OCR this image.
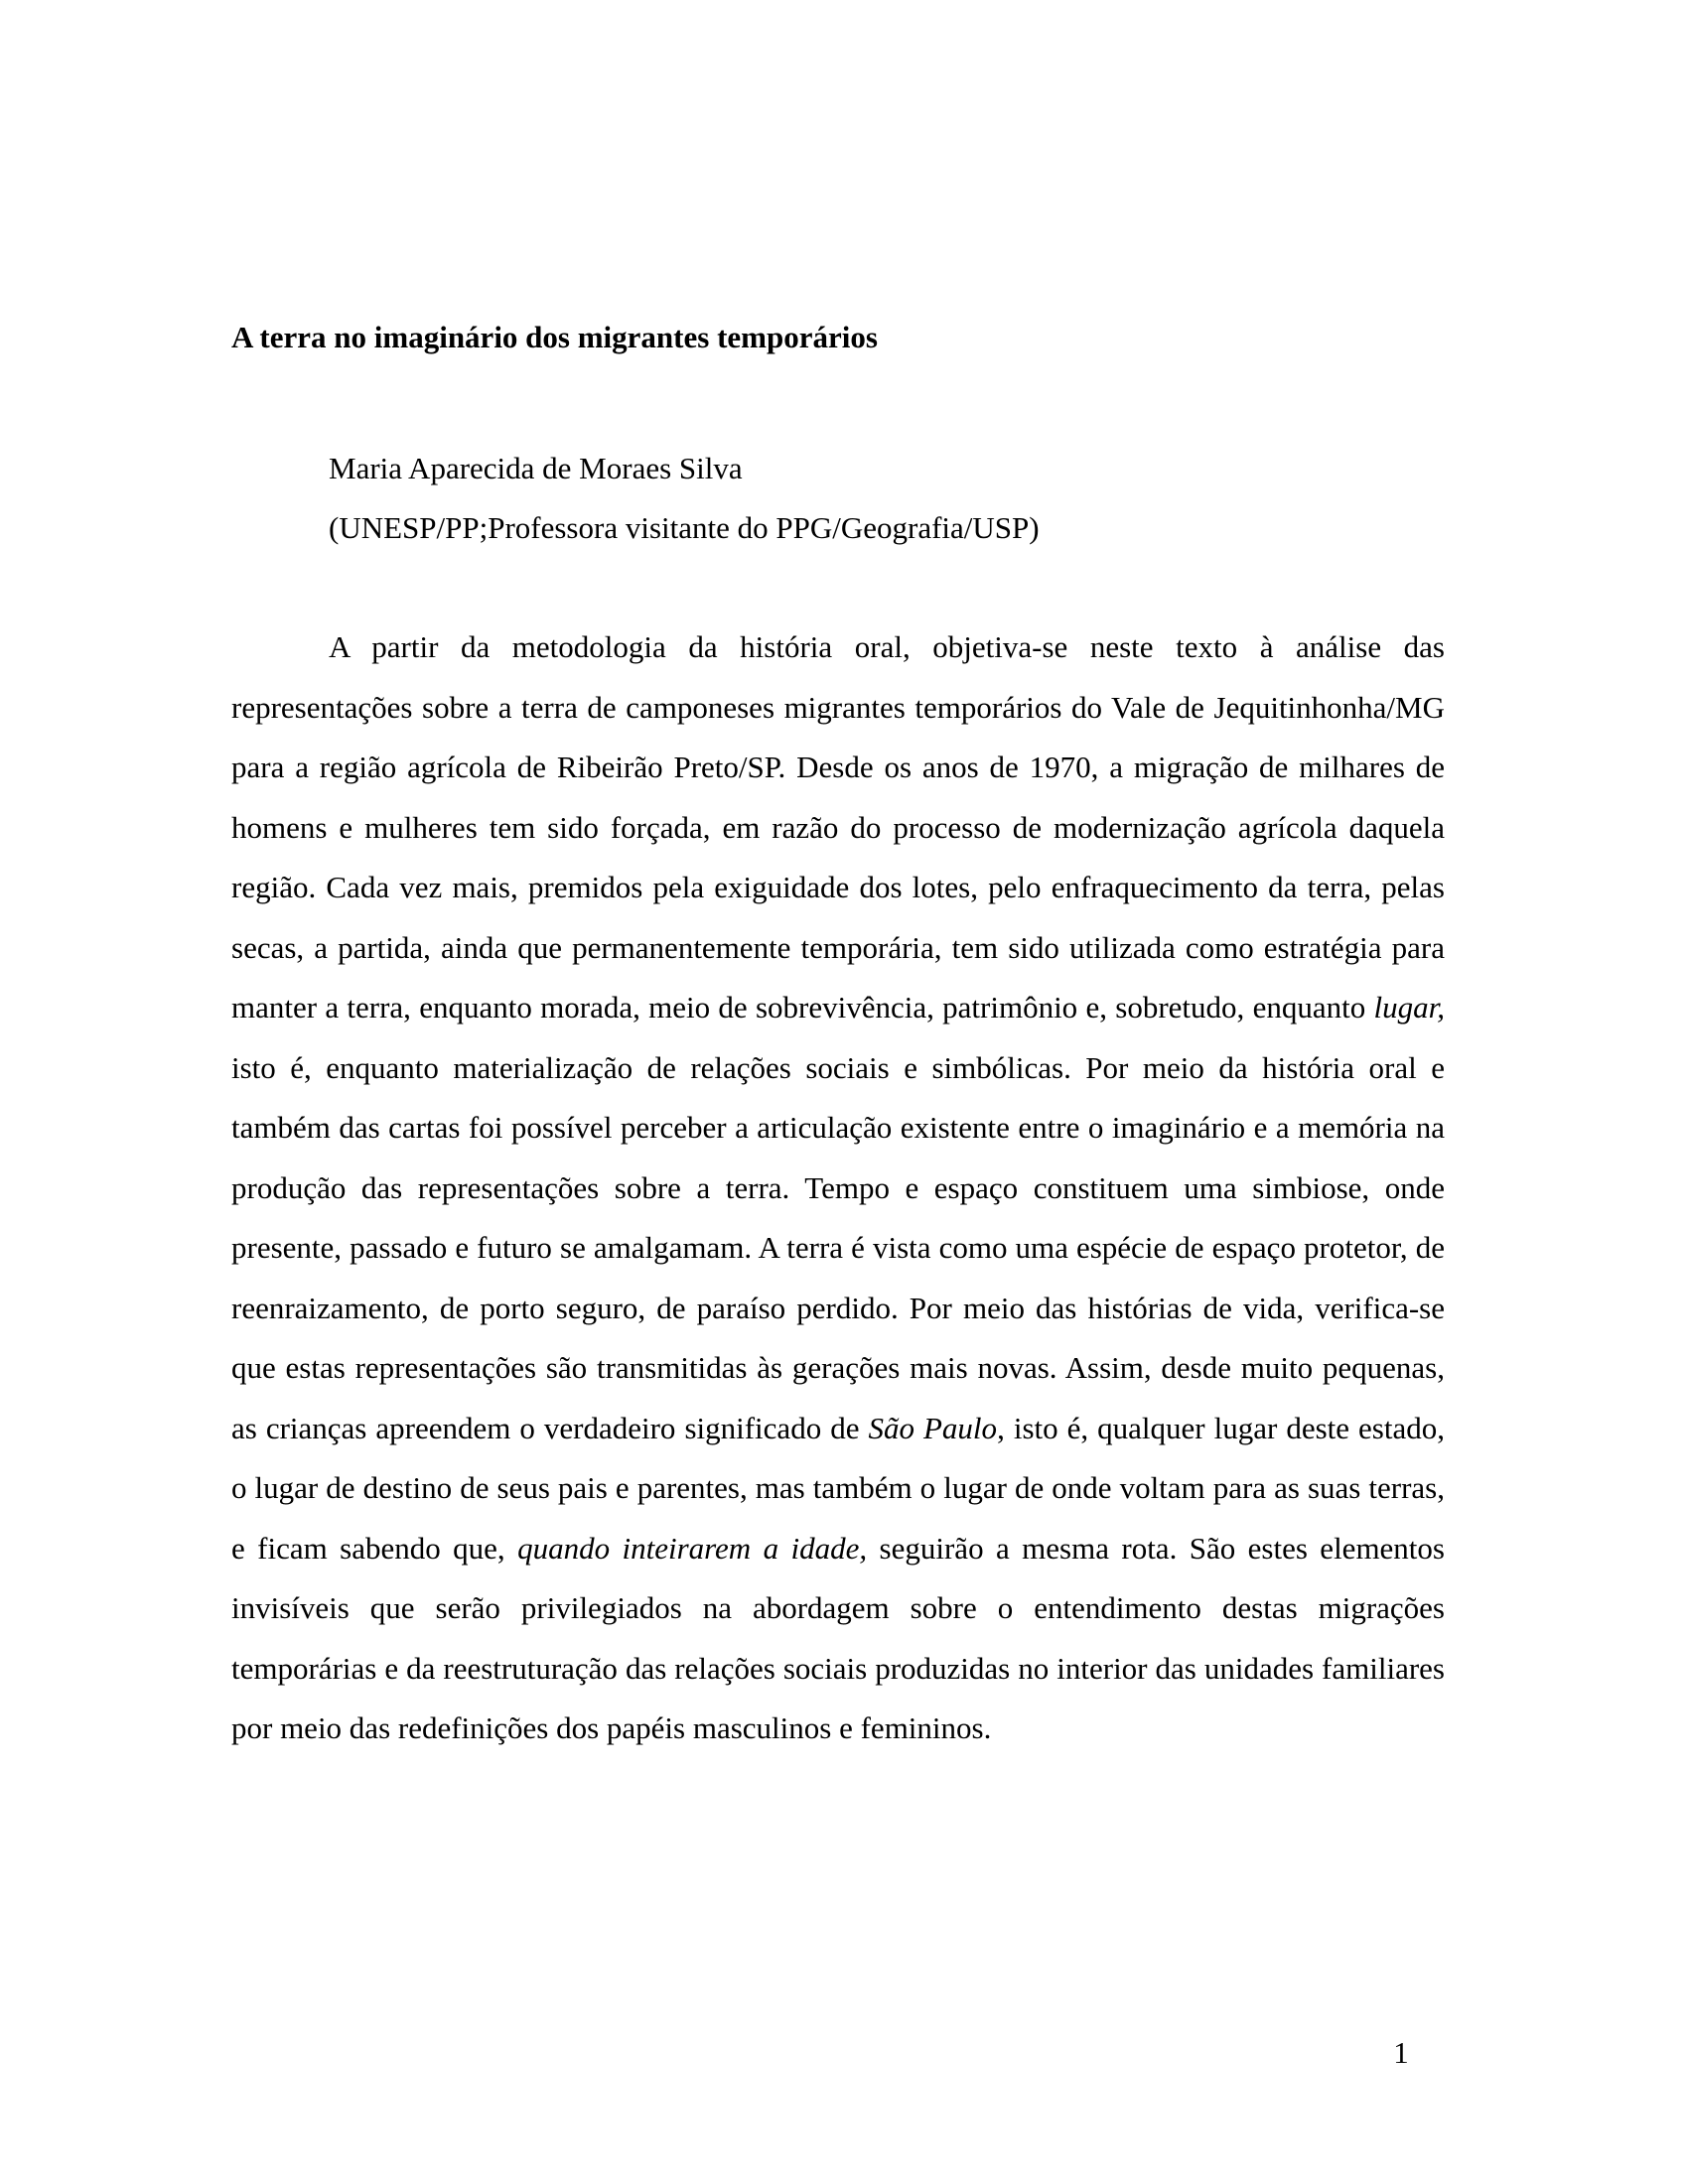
A terra no imaginário dos migrantes temporários
Maria Aparecida de Moraes Silva
(UNESP/PP;Professora visitante do PPG/Geografia/USP)

A partir da metodologia da história oral, objetiva-se neste texto à análise das representações sobre a terra de camponeses migrantes temporários do Vale de Jequitinhonha/MG para a região agrícola de Ribeirão Preto/SP. Desde os anos de 1970, a migração de milhares de homens e mulheres tem sido forçada, em razão do processo de modernização agrícola daquela região. Cada vez mais, premidos pela exiguidade dos lotes, pelo enfraquecimento da terra, pelas secas, a partida, ainda que permanentemente temporária, tem sido utilizada como estratégia para manter a terra, enquanto morada, meio de sobrevivência, patrimônio e, sobretudo, enquanto lugar, isto é, enquanto materialização de relações sociais e simbólicas. Por meio da história oral e também das cartas foi possível perceber a articulação existente entre o imaginário e a memória na produção das representações sobre a terra. Tempo e espaço constituem uma simbiose, onde presente, passado e futuro se amalgamam. A terra é vista como uma espécie de espaço protetor, de reenraizamento, de porto seguro, de paraíso perdido. Por meio das histórias de vida, verifica-se que estas representações são transmitidas às gerações mais novas. Assim, desde muito pequenas, as crianças apreendem o verdadeiro significado de São Paulo, isto é, qualquer lugar deste estado, o lugar de destino de seus pais e parentes, mas também o lugar de onde voltam para as suas terras, e ficam sabendo que, quando inteirarem a idade, seguirão a mesma rota. São estes elementos invisíveis que serão privilegiados na abordagem sobre o entendimento destas migrações temporárias e da reestruturação das relações sociais produzidas no interior das unidades familiares por meio das redefinições dos papéis masculinos e femininos.

1
